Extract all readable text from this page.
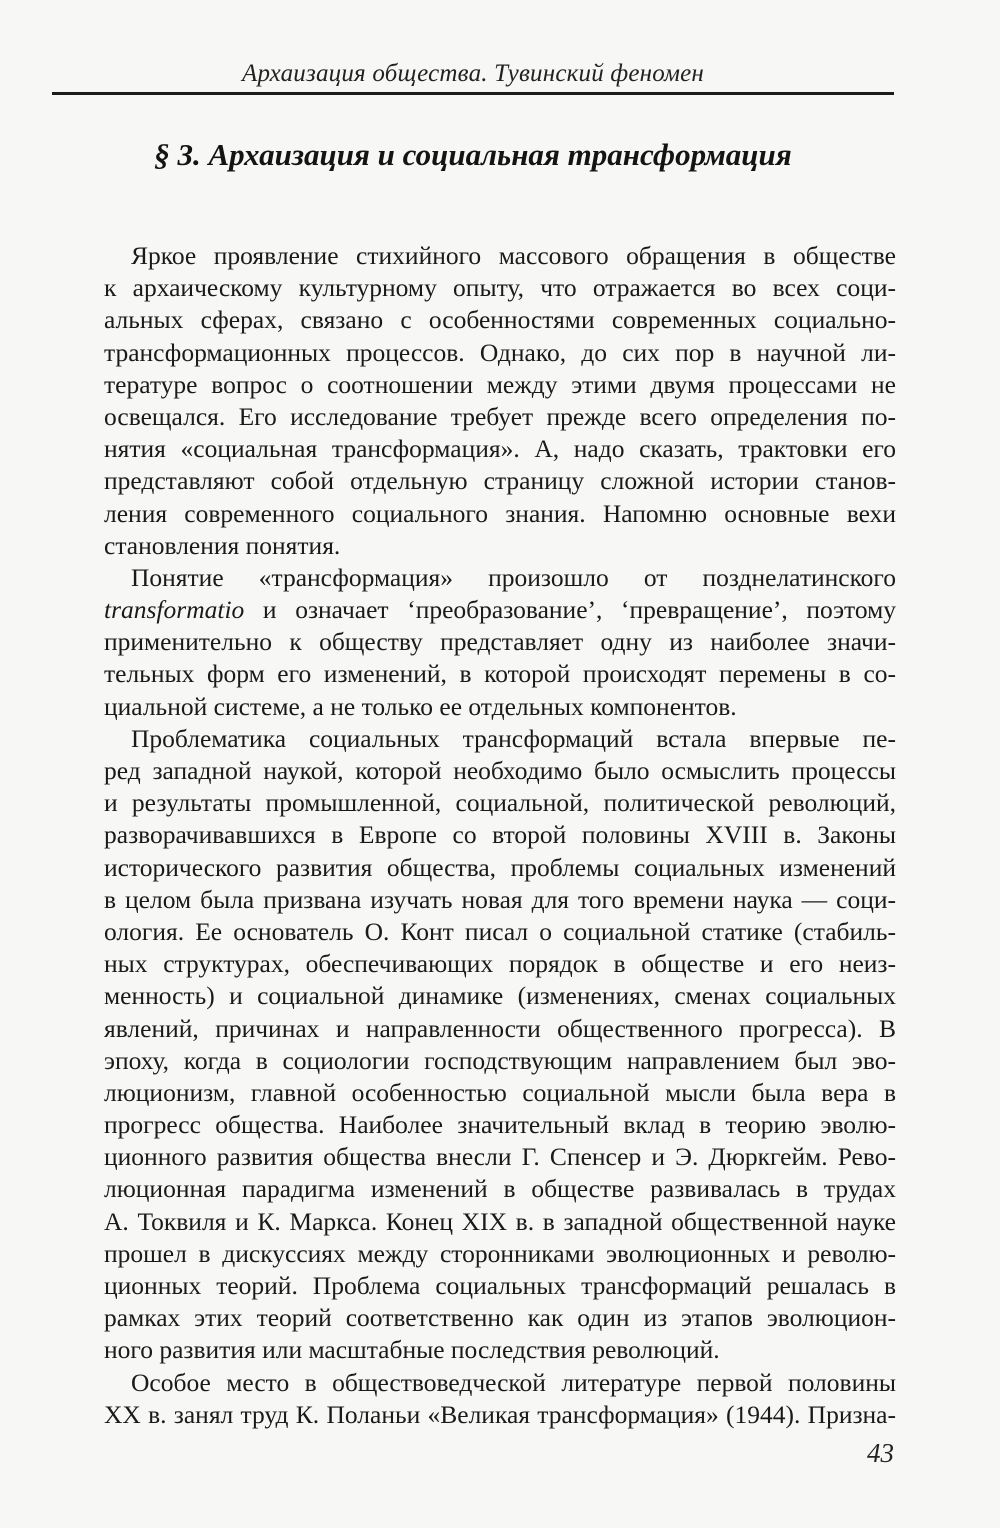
Архаизация общества. Тувинский феномен
§ 3. Архаизация и социальная трансформация
Яркое проявление стихийного массового обращения в обществе
к архаическому культурному опыту, что отражается во всех соци-
альных сферах, связано с особенностями современных социально-
трансформационных процессов. Однако, до сих пор в научной ли-
тературе вопрос о соотношении между этими двумя процессами не
освещался. Его исследование требует прежде всего определения по-
нятия «социальная трансформация». А, надо сказать, трактовки его
представляют собой отдельную страницу сложной истории станов-
ления современного социального знания. Напомню основные вехи
становления понятия.
Понятие «трансформация» произошло от позднелатинского
transformatio и означает ‘преобразование’, ‘превращение’, поэтому
применительно к обществу представляет одну из наиболее значи-
тельных форм его изменений, в которой происходят перемены в со-
циальной системе, а не только ее отдельных компонентов.
Проблематика социальных трансформаций встала впервые пе-
ред западной наукой, которой необходимо было осмыслить процессы
и результаты промышленной, социальной, политической революций,
разворачивавшихся в Европе со второй половины XVIII в. Законы
исторического развития общества, проблемы социальных изменений
в целом была призвана изучать новая для того времени наука — соци-
ология. Ее основатель О. Конт писал о социальной статике (стабиль-
ных структурах, обеспечивающих порядок в обществе и его неиз-
менность) и социальной динамике (изменениях, сменах социальных
явлений, причинах и направленности общественного прогресса). В
эпоху, когда в социологии господствующим направлением был эво-
люционизм, главной особенностью социальной мысли была вера в
прогресс общества. Наиболее значительный вклад в теорию эволю-
ционного развития общества внесли Г. Спенсер и Э. Дюркгейм. Рево-
люционная парадигма изменений в обществе развивалась в трудах
А. Токвиля и К. Маркса. Конец XIX в. в западной общественной науке
прошел в дискуссиях между сторонниками эволюционных и револю-
ционных теорий. Проблема социальных трансформаций решалась в
рамках этих теорий соответственно как один из этапов эволюцион-
ного развития или масштабные последствия революций.
Особое место в обществоведческой литературе первой половины
XX в. занял труд К. Поланьи «Великая трансформация» (1944). Призна-
43
